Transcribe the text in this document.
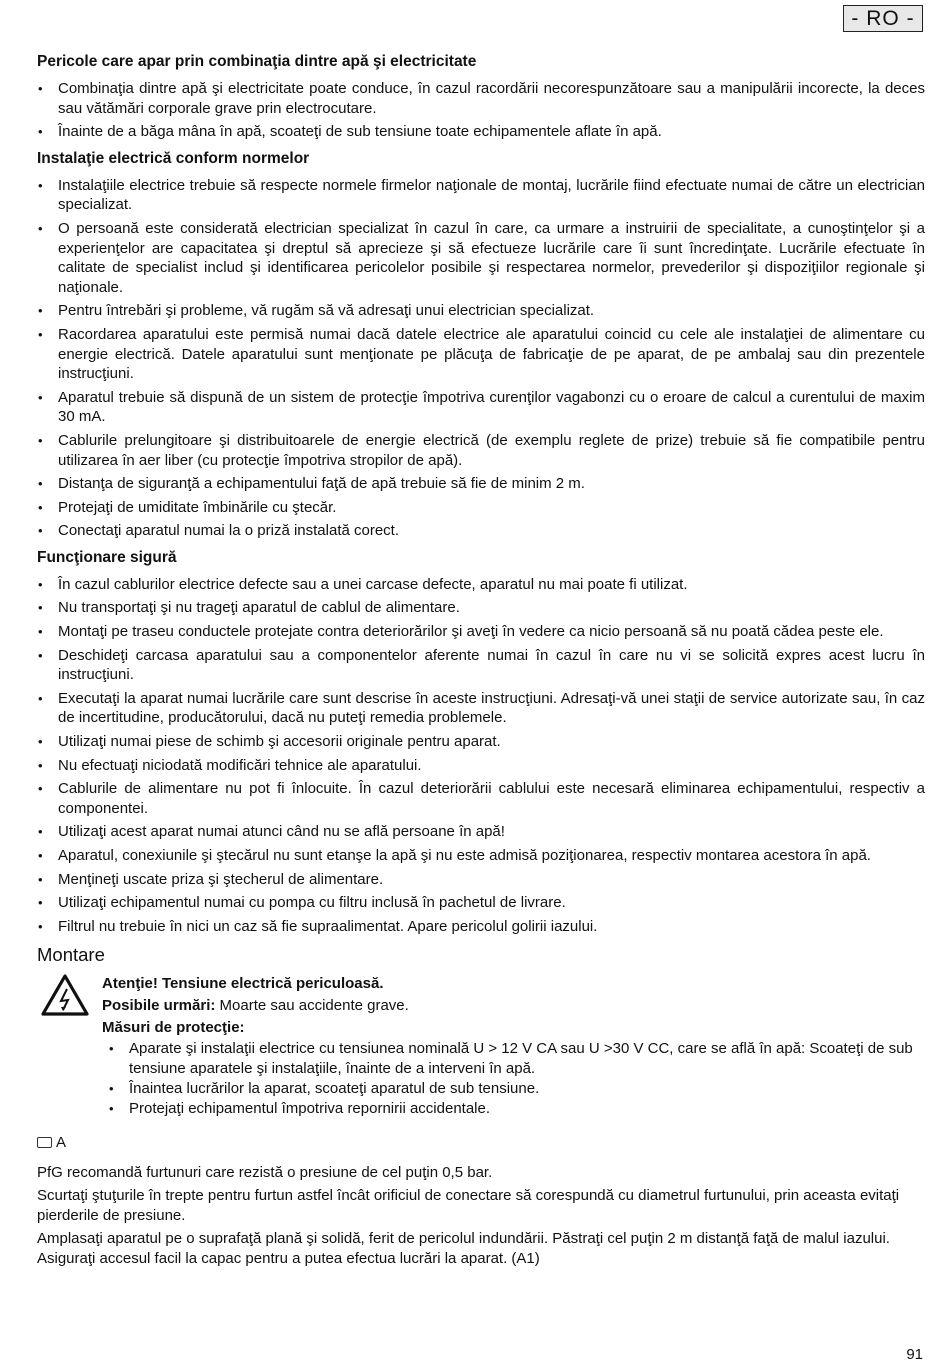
- RO -
Pericole care apar prin combinaţia dintre apă şi electricitate
• Combinaţia dintre apă şi electricitate poate conduce, în cazul racordării necorespunzătoare sau a manipulării incorecte, la deces sau vătămări corporale grave prin electrocutare.
• Înainte de a băga mâna în apă, scoateţi de sub tensiune toate echipamentele aflate în apă.
Instalaţie electrică conform normelor
• Instalaţiile electrice trebuie să respecte normele firmelor naţionale de montaj, lucrările fiind efectuate numai de către un electrician specializat.
• O persoană este considerată electrician specializat în cazul în care, ca urmare a instruirii de specialitate, a cunoştinţelor şi a experienţelor are capacitatea şi dreptul să aprecieze şi să efectueze lucrările care îi sunt încredinţate. Lucrările efectuate în calitate de specialist includ şi identificarea pericolelor posibile şi respectarea normelor, prevederilor şi dispoziţiilor regionale şi naţionale.
• Pentru întrebări şi probleme, vă rugăm să vă adresaţi unui electrician specializat.
• Racordarea aparatului este permisă numai dacă datele electrice ale aparatului coincid cu cele ale instalaţiei de alimentare cu energie electrică. Datele aparatului sunt menţionate pe plăcuţa de fabricaţie de pe aparat, de pe ambalaj sau din prezentele instrucţiuni.
• Aparatul trebuie să dispună de un sistem de protecţie împotriva curenţilor vagabonzi cu o eroare de calcul a curentului de maxim 30 mA.
• Cablurile prelungitoare şi distribuitoarele de energie electrică (de exemplu reglete de prize) trebuie să fie compatibile pentru utilizarea în aer liber (cu protecţie împotriva stropilor de apă).
• Distanţa de siguranţă a echipamentului faţă de apă trebuie să fie de minim 2 m.
• Protejaţi de umiditate îmbinările cu ştecăr.
• Conectaţi aparatul numai la o priză instalată corect.
Funcţionare sigură
• În cazul cablurilor electrice defecte sau a unei carcase defecte, aparatul nu mai poate fi utilizat.
• Nu transportaţi şi nu trageţi aparatul de cablul de alimentare.
• Montaţi pe traseu conductele protejate contra deteriorărilor şi aveţi în vedere ca nicio persoană să nu poată cădea peste ele.
• Deschideţi carcasa aparatului sau a componentelor aferente numai în cazul în care nu vi se solicită expres acest lucru în instrucţiuni.
• Executaţi la aparat numai lucrările care sunt descrise în aceste instrucţiuni. Adresaţi-vă unei staţii de service autorizate sau, în caz de incertitudine, producătorului, dacă nu puteţi remedia problemele.
• Utilizaţi numai piese de schimb şi accesorii originale pentru aparat.
• Nu efectuaţi niciodată modificări tehnice ale aparatului.
• Cablurile de alimentare nu pot fi înlocuite. În cazul deteriorării cablului este necesară eliminarea echipamentului, respectiv a componentei.
• Utilizaţi acest aparat numai atunci când nu se află persoane în apă!
• Aparatul, conexiunile şi ştecărul nu sunt etanşe la apă şi nu este admisă poziţionarea, respectiv montarea acestora în apă.
• Menţineţi uscate priza şi ştecherul de alimentare.
• Utilizaţi echipamentul numai cu pompa cu filtru inclusă în pachetul de livrare.
• Filtrul nu trebuie în nici un caz să fie supraalimentat. Apare pericolul golirii iazului.
Montare

Atenţie! Tensiune electrică periculoasă.

Posibile urmări: Moarte sau accidente grave.

Măsuri de protecţie:

• Aparate şi instalaţii electrice cu tensiunea nominală U > 12 V CA sau U >30 V CC, care se află în apă: Scoateţi de sub tensiune aparatele şi instalaţiile, înainte de a interveni în apă.
• Înaintea lucrărilor la aparat, scoateţi aparatul de sub tensiune.
• Protejaţi echipamentul împotriva repornirii accidentale.
A

PfG recomandă furtunuri care rezistă o presiune de cel puţin 0,5 bar.

Scurtaţi ştuţurile în trepte pentru furtun astfel încât orificiul de conectare să corespundă cu diametrul furtunului, prin aceasta evitaţi pierderile de presiune.

Amplasaţi aparatul pe o suprafaţă plană şi solidă, ferit de pericolul indundării. Păstraţi cel puţin 2 m distanţă faţă de malul iazului. Asiguraţi accesul facil la capac pentru a putea efectua lucrări la aparat. (A1)

91
